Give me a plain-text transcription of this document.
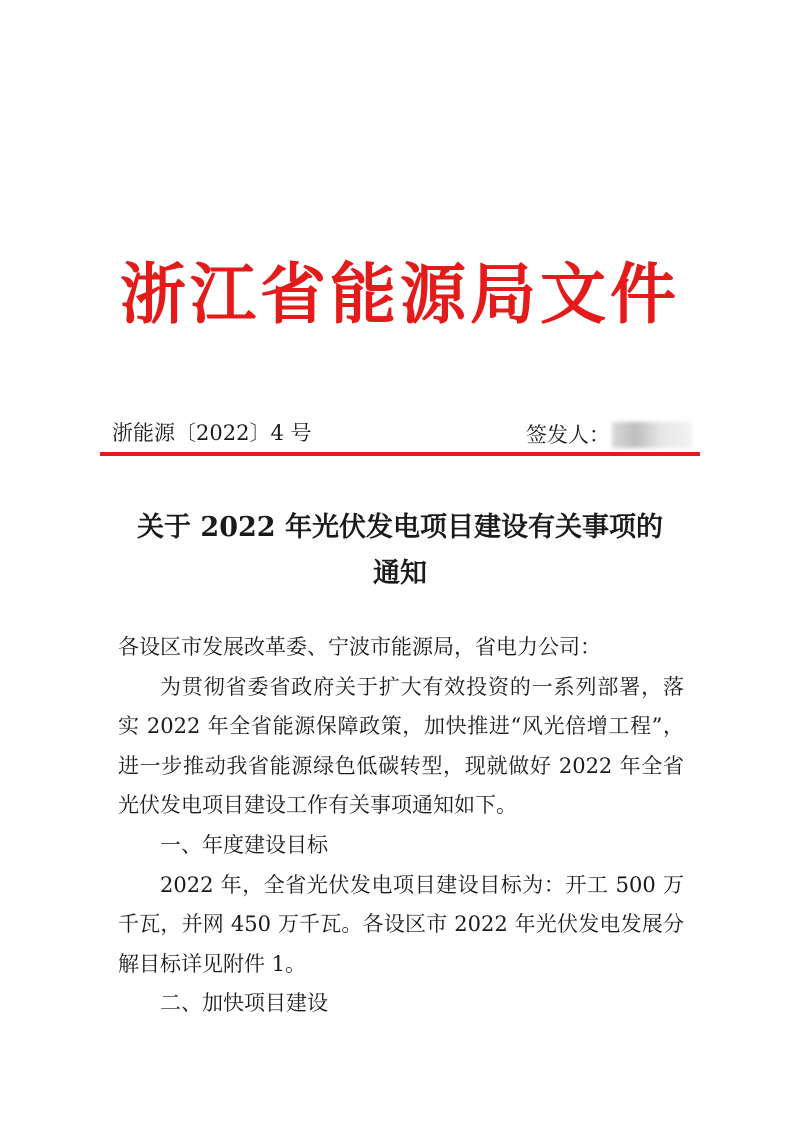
浙江省能源局文件
浙能源〔2022〕4 号	签发人：
关于 2022 年光伏发电项目建设有关事项的
通知

各设区市发展改革委、宁波市能源局，省电力公司：

为贯彻省委省政府关于扩大有效投资的一系列部署，落实 2022 年全省能源保障政策，加快推进“风光倍增工程”，进一步推动我省能源绿色低碳转型，现就做好 2022 年全省光伏发电项目建设工作有关事项通知如下。

一、年度建设目标

2022 年，全省光伏发电项目建设目标为：开工 500 万千瓦，并网 450 万千瓦。各设区市 2022 年光伏发电发展分解目标详见附件 1。

二、加快项目建设
